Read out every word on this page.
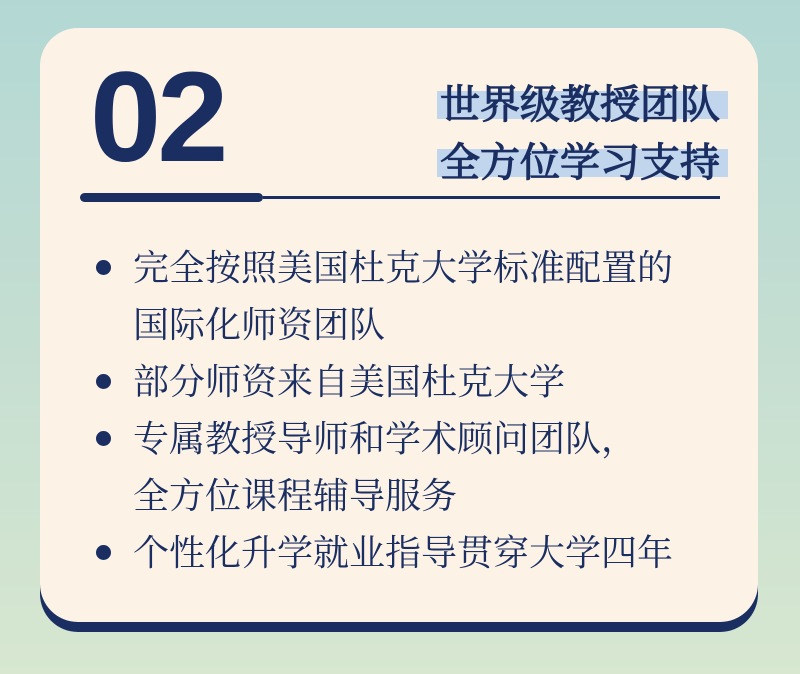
02	世界级教授团队
全方位学习支持
完全按照美国杜克大学标准配置的
国际化师资团队
部分师资来自美国杜克大学
专属教授导师和学术顾问团队，
全方位课程辅导服务
个性化升学就业指导贯穿大学四年
